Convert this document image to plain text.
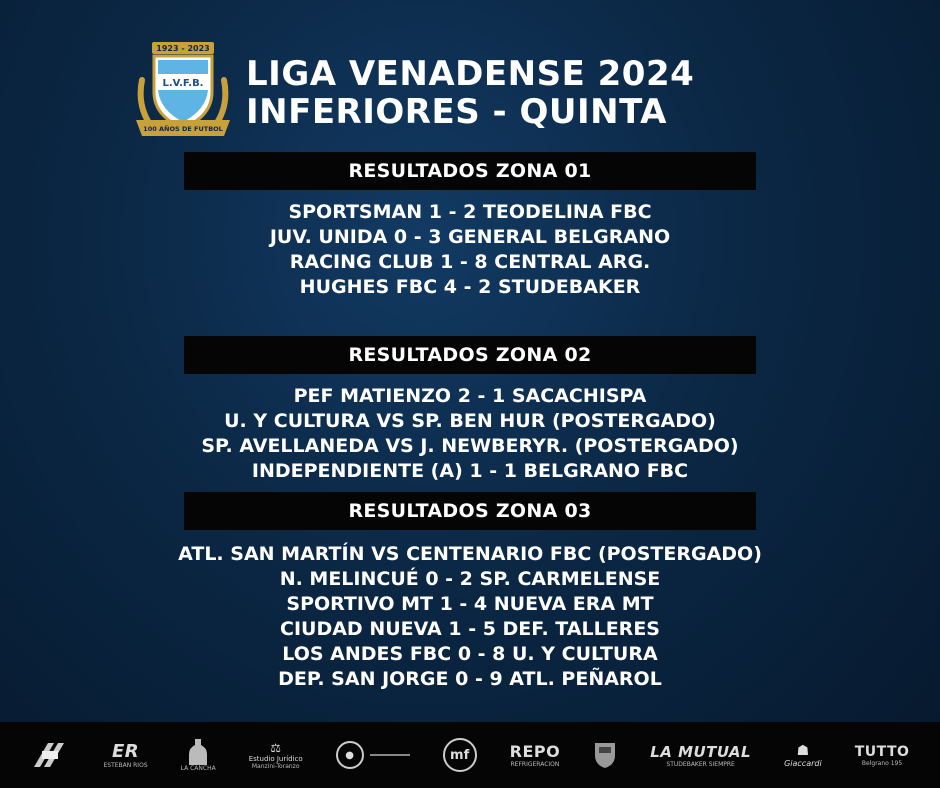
1923 - 2023
L.V.F.B.
100 AÑOS DE FUTBOL
LIGA VENADENSE 2024
INFERIORES - QUINTA
RESULTADOS ZONA 01
SPORTSMAN 1 - 2 TEODELINA FBC
JUV. UNIDA 0 - 3 GENERAL BELGRANO
RACING CLUB 1 - 8 CENTRAL ARG.
HUGHES FBC 4 - 2 STUDEBAKER
RESULTADOS ZONA 02
PEF MATIENZO 2 - 1 SACACHISPA
U. Y CULTURA VS SP. BEN HUR (POSTERGADO)
SP. AVELLANEDA VS J. NEWBERYR. (POSTERGADO)
INDEPENDIENTE (A) 1 - 1 BELGRANO FBC
RESULTADOS ZONA 03
ATL. SAN MARTÍN VS CENTENARIO FBC (POSTERGADO)
N. MELINCUÉ 0 - 2 SP. CARMELENSE
SPORTIVO MT 1 - 4 NUEVA ERA MT
CIUDAD NUEVA 1 - 5 DEF. TALLERES
LOS ANDES FBC 0 - 8 U. Y CULTURA
DEP. SAN JORGE 0 - 9 ATL. PEÑAROL
ER
ESTEBAN RIOS	LA CANCHA
⚖
Estudio Jurídico
Manzini-Toranzo
●	mf	REPO
REFRIGERACION
LA MUTUAL
STUDEBAKER SIEMPRE
☗
Giaccardi
TUTTO
Belgrano 195
